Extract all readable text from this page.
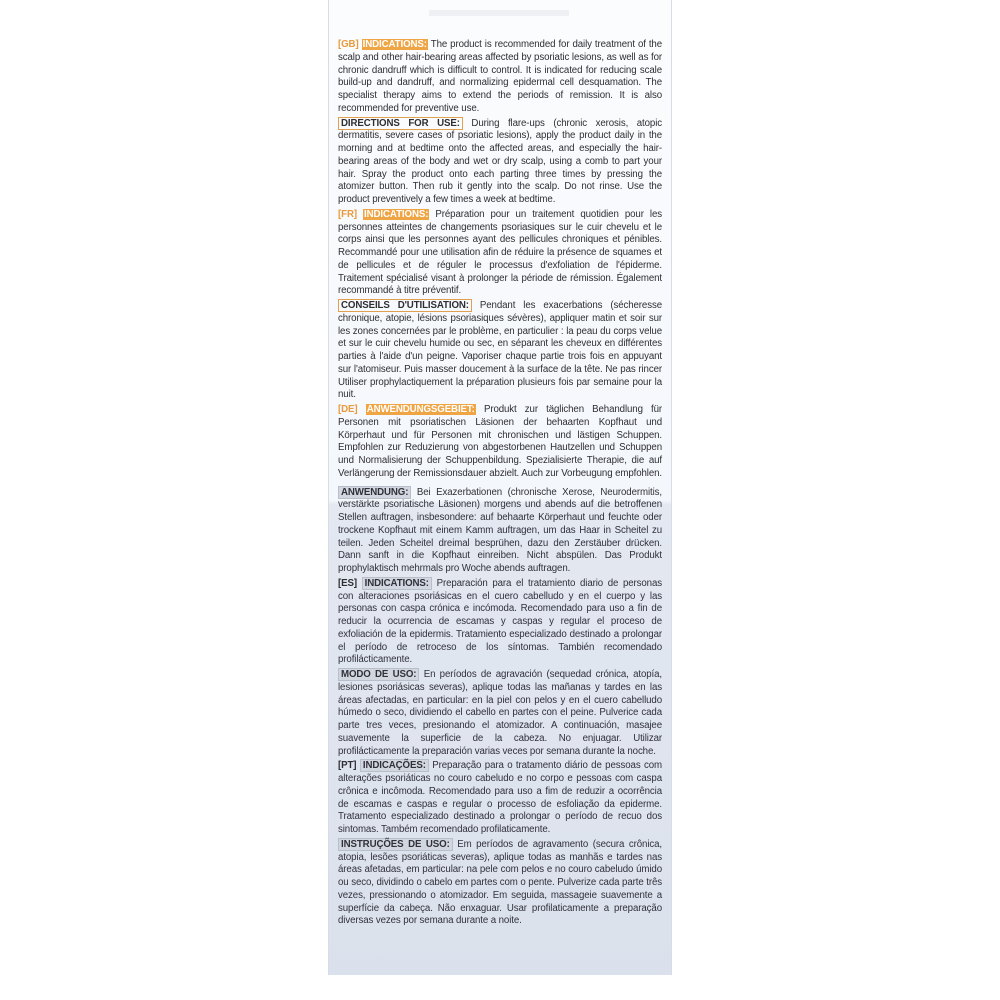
[GB] INDICATIONS: The product is recommended for daily treatment of the scalp and other hair-bearing areas affected by psoriatic lesions, as well as for chronic dandruff which is difficult to control. It is indicated for reducing scale build-up and dandruff, and normalizing epidermal cell desquamation. The specialist therapy aims to extend the periods of remission. It is also recommended for preventive use.

DIRECTIONS FOR USE: During flare-ups (chronic xerosis, atopic dermatitis, severe cases of psoriatic lesions), apply the product daily in the morning and at bedtime onto the affected areas, and especially the hair-bearing areas of the body and wet or dry scalp, using a comb to part your hair. Spray the product onto each parting three times by pressing the atomizer button. Then rub it gently into the scalp. Do not rinse. Use the product preventively a few times a week at bedtime.

[FR] INDICATIONS: Préparation pour un traitement quotidien pour les personnes atteintes de changements psoriasiques sur le cuir chevelu et le corps ainsi que les personnes ayant des pellicules chroniques et pénibles. Recommandé pour une utilisation afin de réduire la présence de squames et de pellicules et de réguler le processus d'exfoliation de l'épiderme. Traitement spécialisé visant à prolonger la période de rémission. Également recommandé à titre préventif.

CONSEILS D'UTILISATION: Pendant les exacerbations (sécheresse chronique, atopie, lésions psoriasiques sévères), appliquer matin et soir sur les zones concernées par le problème, en particulier : la peau du corps velue et sur le cuir chevelu humide ou sec, en séparant les cheveux en différentes parties à l'aide d'un peigne. Vaporiser chaque partie trois fois en appuyant sur l'atomiseur. Puis masser doucement à la surface de la tête. Ne pas rincer Utiliser prophylactiquement la préparation plusieurs fois par semaine pour la nuit.

[DE] ANWENDUNGSGEBIET: Produkt zur täglichen Behandlung für Personen mit psoriatischen Läsionen der behaarten Kopfhaut und Körperhaut und für Personen mit chronischen und lästigen Schuppen. Empfohlen zur Reduzierung von abgestorbenen Hautzellen und Schuppen und Normalisierung der Schuppenbildung. Spezialisierte Therapie, die auf Verlängerung der Remissionsdauer abzielt. Auch zur Vorbeugung empfohlen.

ANWENDUNG: Bei Exazerbationen (chronische Xerose, Neurodermitis, verstärkte psoriatische Läsionen) morgens und abends auf die betroffenen Stellen auftragen, insbesondere: auf behaarte Körperhaut und feuchte oder trockene Kopfhaut mit einem Kamm auftragen, um das Haar in Scheitel zu teilen. Jeden Scheitel dreimal besprühen, dazu den Zerstäuber drücken. Dann sanft in die Kopfhaut einreiben. Nicht abspülen. Das Produkt prophylaktisch mehrmals pro Woche abends auftragen.

[ES] INDICATIONS: Preparación para el tratamiento diario de personas con alteraciones psoriásicas en el cuero cabelludo y en el cuerpo y las personas con caspa crónica e incómoda. Recomendado para uso a fin de reducir la ocurrencia de escamas y caspas y regular el proceso de exfoliación de la epidermis. Tratamiento especializado destinado a prolongar el período de retroceso de los síntomas. También recomendado profilácticamente.

MODO DE USO: En períodos de agravación (sequedad crónica, atopía, lesiones psoriásicas severas), aplique todas las mañanas y tardes en las áreas afectadas, en particular: en la piel con pelos y en el cuero cabelludo húmedo o seco, dividiendo el cabello en partes con el peine. Pulverice cada parte tres veces, presionando el atomizador. A continuación, masajee suavemente la superficie de la cabeza. No enjuagar. Utilizar profilácticamente la preparación varias veces por semana durante la noche.

[PT] INDICAÇÕES: Preparação para o tratamento diário de pessoas com alterações psoriáticas no couro cabeludo e no corpo e pessoas com caspa crônica e incômoda. Recomendado para uso a fim de reduzir a ocorrência de escamas e caspas e regular o processo de esfoliação da epiderme. Tratamento especializado destinado a prolongar o período de recuo dos sintomas. Também recomendado profilaticamente.

INSTRUÇÕES DE USO: Em períodos de agravamento (secura crônica, atopia, lesões psoriáticas severas), aplique todas as manhãs e tardes nas áreas afetadas, em particular: na pele com pelos e no couro cabeludo úmido ou seco, dividindo o cabelo em partes com o pente. Pulverize cada parte três vezes, pressionando o atomizador. Em seguida, massageie suavemente a superfície da cabeça. Não enxaguar. Usar profilaticamente a preparação diversas vezes por semana durante a noite.
